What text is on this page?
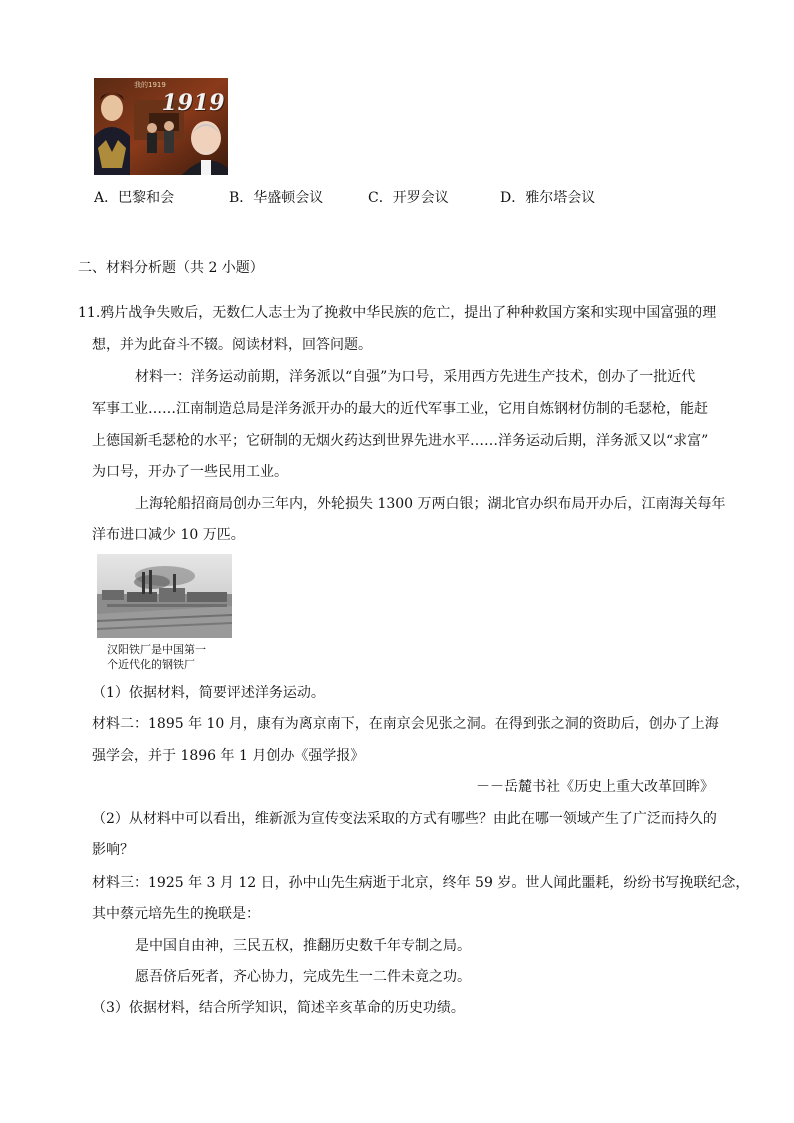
我的1919
1919
A．巴黎和会	B．华盛顿会议	C．开罗会议	D．雅尔塔会议
二、材料分析题（共 2 小题）
11.鸦片战争失败后，无数仁人志士为了挽救中华民族的危亡，提出了种种救国方案和实现中国富强的理
想，并为此奋斗不辍。阅读材料，回答问题。
材料一：洋务运动前期，洋务派以“自强”为口号，采用西方先进生产技术，创办了一批近代
军事工业……江南制造总局是洋务派开办的最大的近代军事工业，它用自炼钢材仿制的毛瑟枪，能赶
上德国新毛瑟枪的水平；它研制的无烟火药达到世界先进水平……洋务运动后期，洋务派又以“求富”
为口号，开办了一些民用工业。
上海轮船招商局创办三年内，外轮损失 1300 万两白银；湖北官办织布局开办后，江南海关每年
洋布进口减少 10 万匹。
汉阳铁厂是中国第一
个近代化的钢铁厂
（1）依据材料，简要评述洋务运动。
材料二：1895 年 10 月，康有为离京南下，在南京会见张之洞。在得到张之洞的资助后，创办了上海
强学会，并于 1896 年 1 月创办《强学报》
－－岳麓书社《历史上重大改革回眸》
（2）从材料中可以看出，维新派为宣传变法采取的方式有哪些？由此在哪一领域产生了广泛而持久的
影响？
材料三：1925 年 3 月 12 日，孙中山先生病逝于北京，终年 59 岁。世人闻此噩耗，纷纷书写挽联纪念，
其中蔡元培先生的挽联是：
是中国自由神，三民五权，推翻历史数千年专制之局。
愿吾侪后死者，齐心协力，完成先生一二件未竟之功。
（3）依据材料，结合所学知识，简述辛亥革命的历史功绩。
